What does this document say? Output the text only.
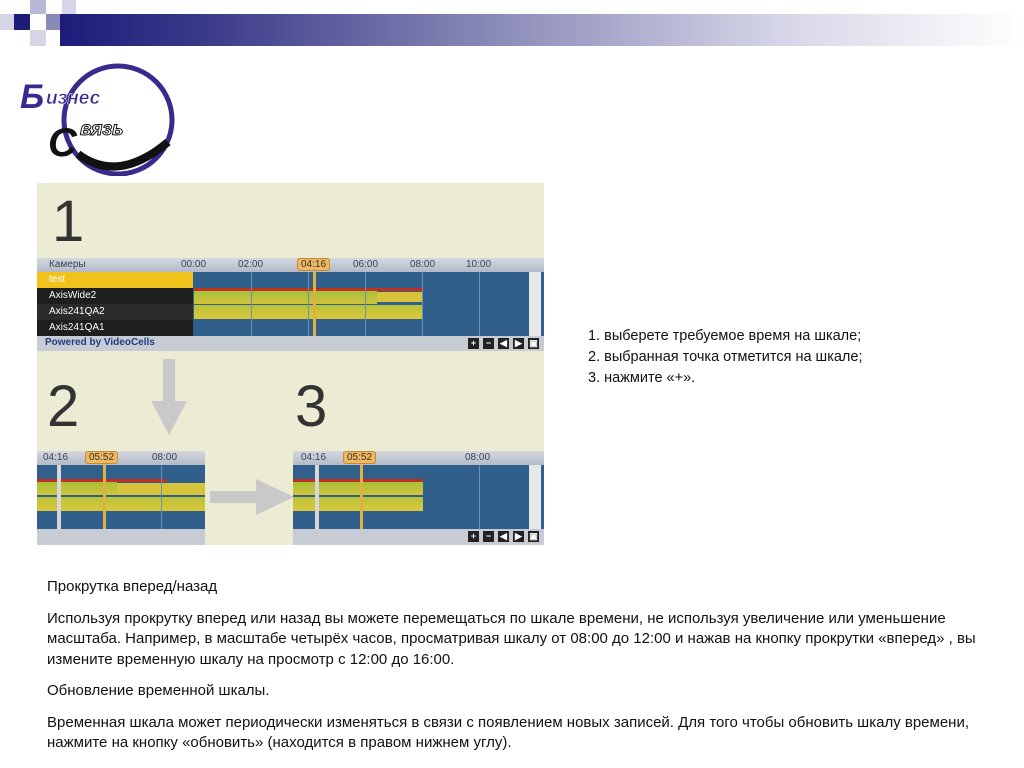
Б изнес
С вязь
1
Камеры	00:00	02:00	04:16	06:00	08:00	10:00
test
AxisWide2
Axis241QA2
Axis241QA1
Powered by VideoCells	+	− ◀ ▶ ▣
2	3
04:16	05:52	08:00	04:16	05:52	08:00
+	− ◀ ▶ ▣
1. выберете требуемое время на шкале;
2. выбранная точка отметится на шкале;
3. нажмите «+».

Прокрутка вперед/назад

Используя прокрутку вперед или назад вы можете перемещаться по шкале времени, не используя увеличение или уменьшение масштаба. Например, в масштабе четырёх часов, просматривая шкалу от 08:00 до 12:00 и нажав на кнопку прокрутки «вперед» , вы измените временную шкалу на просмотр с 12:00 до 16:00.

Обновление временной шкалы.

Временная шкала может периодически изменяться в связи с появлением новых записей. Для того чтобы обновить шкалу времени, нажмите на кнопку «обновить» (находится в правом нижнем углу).
